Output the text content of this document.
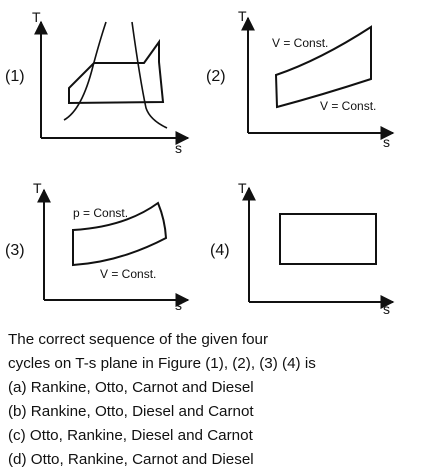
(1)
T
s
(2)
T
s
V = Const.
V = Const.
(3)
T
s
p = Const.
V = Const.
(4)
T
s

The correct sequence of the given four
cycles on T-s plane in Figure (1), (2), (3) (4) is

(a) Rankine, Otto, Carnot and Diesel
(b) Rankine, Otto, Diesel and Carnot
(c) Otto, Rankine, Diesel and Carnot
(d) Otto, Rankine, Carnot and Diesel
